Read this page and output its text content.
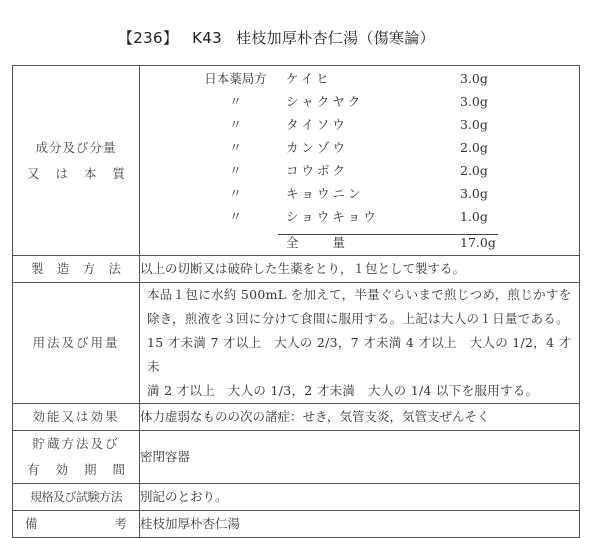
【236】 K43 桂枝加厚朴杏仁湯（傷寒論）
成分及び分量
又 は 本 質

日本薬局方	ケイヒ	3.0g
〃	シャクヤク	3.0g
〃	タイソウ	3.0g
〃	カンゾウ	2.0g
〃	コウボク	2.0g
〃	キョウニン	3.0g
〃	ショウキョウ	1.0g
全	量	17.0g

製 造 方 法	以上の切断又は破砕した生薬をとり，１包として製する。
用法及び用量	本品１包に水約 500mL を加えて，半量ぐらいまで煎じつめ，煎じかすを
除き，煎液を３回に分けて食間に服用する。上記は大人の１日量である。
15 才未満 7 才以上　大人の 2/3，7 才未満 4 才以上　大人の 1/2，4 才未
満 2 才以上　大人の 1/3，2 才未満　大人の 1/4 以下を服用する。

効能又は効果	体力虚弱なものの次の諸症：せき，気管支炎，気管支ぜんそく

貯蔵方法及び
有 効 期 間	密閉容器
規格及び試験方法	別記のとおり。

備 考	桂枝加厚朴杏仁湯
